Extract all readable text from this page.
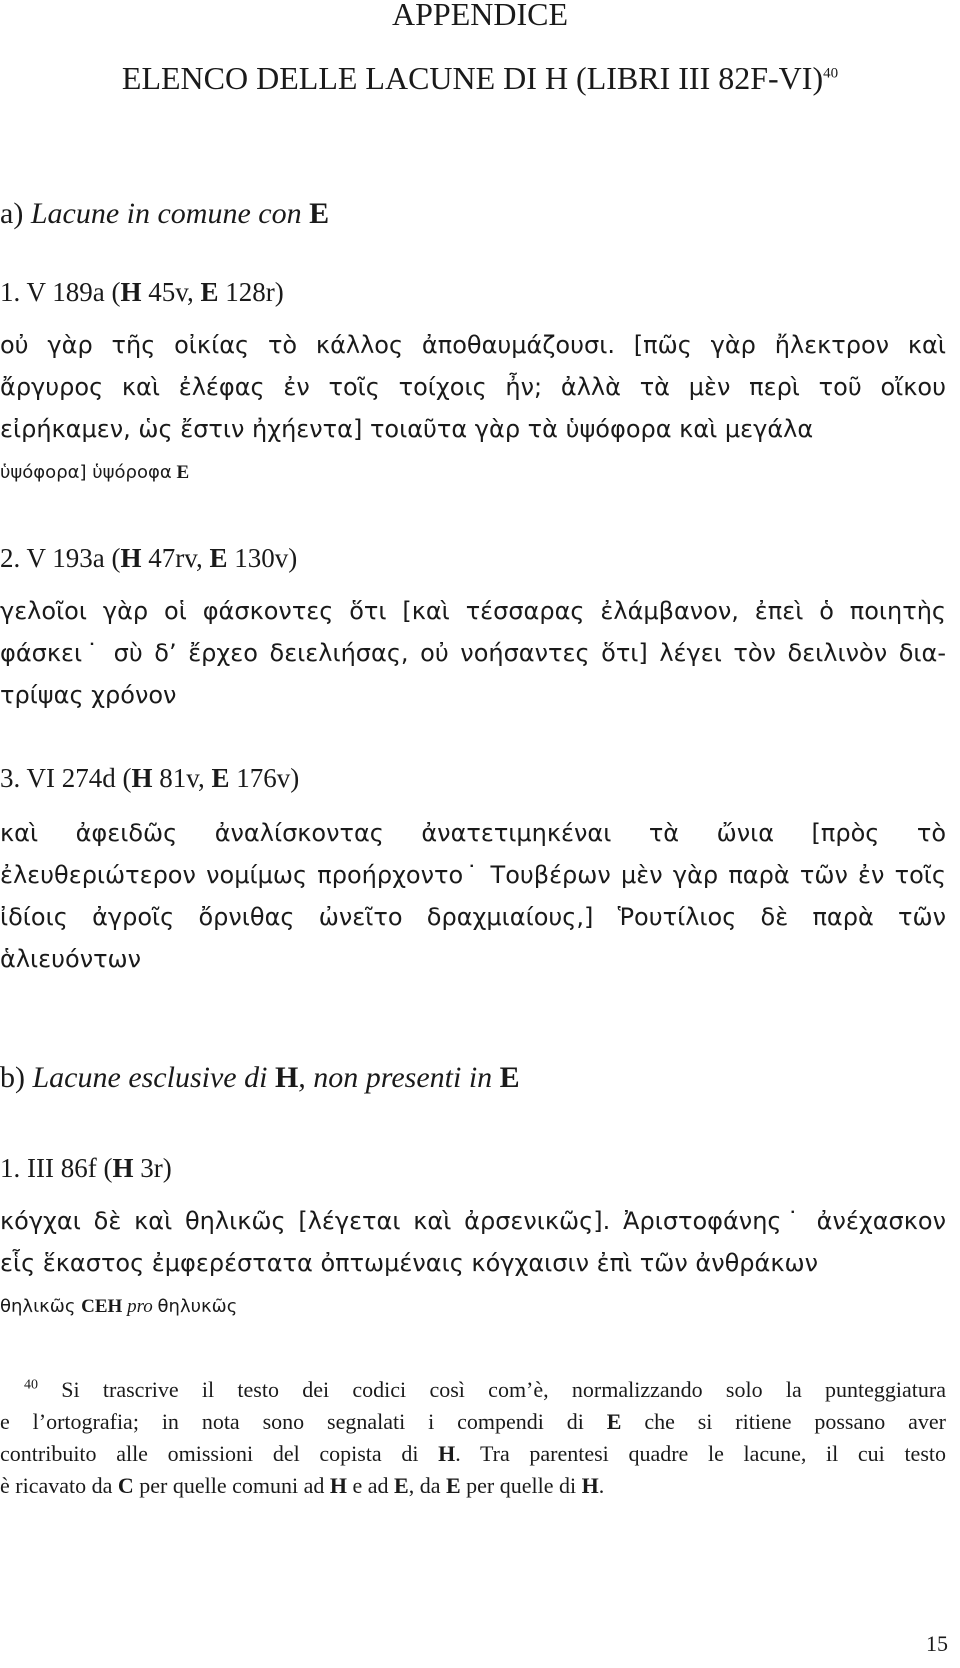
APPENDICE
ELENCO DELLE LACUNE DI H (LIBRI III 82F-VI)$^{40}$
a) Lacune in comune con E
1. V 189a (H 45v, E 128r)
οὐ γὰρ τῆς οἰκίας τὸ κάλλος ἀποθαυμάζουσι. [πῶς γὰρ ἤλεκτρον καὶ
ἄργυρος καὶ ἐλέφας ἐν τοῖς τοίχοις ἦν; ἀλλὰ τὰ μὲν περὶ τοῦ οἴκου
εἰρήκαμεν, ὡς ἔστιν ἠχήεντα] τοιαῦτα γὰρ τὰ ὑψόφορα καὶ μεγάλα
ὑψόφορα] ὑψόροφα E
2. V 193a (H 47rv, E 130v)
γελοῖοι γὰρ οἱ φάσκοντες ὅτι [καὶ τέσσαρας ἐλάμβανον, ἐπεὶ ὁ ποιητὴς
φάσκει˙ σὺ δ’ ἔρχεο δειελιήσας, οὐ νοήσαντες ὅτι] λέγει τὸν δειλινὸν δια-
τρίψας χρόνον
3. VI 274d (H 81v, E 176v)
καὶ ἀφειδῶς ἀναλίσκοντας ἀνατετιμηκέναι τὰ ὤνια [πρὸς τὸ
ἐλευθεριώτερον νομίμως προήρχοντο˙ Τουβέρων μὲν γὰρ παρὰ τῶν ἐν τοῖς
ἰδίοις ἀγροῖς ὄρνιθας ὠνεῖτο δραχμιαίους,] Ῥουτίλιος δὲ παρὰ τῶν
ἁλιευόντων
b) Lacune esclusive di H, non presenti in E
1. III 86f (H 3r)
κόγχαι δὲ καὶ θηλικῶς [λέγεται καὶ ἀρσενικῶς]. Ἀριστοφάνης˙ ἀνέχασκον
εἷς ἕκαστος ἐμφερέστατα ὀπτωμέναις κόγχαισιν ἐπὶ τῶν ἀνθράκων
θηλικῶς CEH pro θηλυκῶς
$^{40}$ Si trascrive il testo dei codici così com’è, normalizzando solo la punteggiatura
e l’ortografia; in nota sono segnalati i compendi di E che si ritiene possano aver
contribuito alle omissioni del copista di H. Tra parentesi quadre le lacune, il cui testo
è ricavato da C per quelle comuni ad H e ad E, da E per quelle di H.
15
